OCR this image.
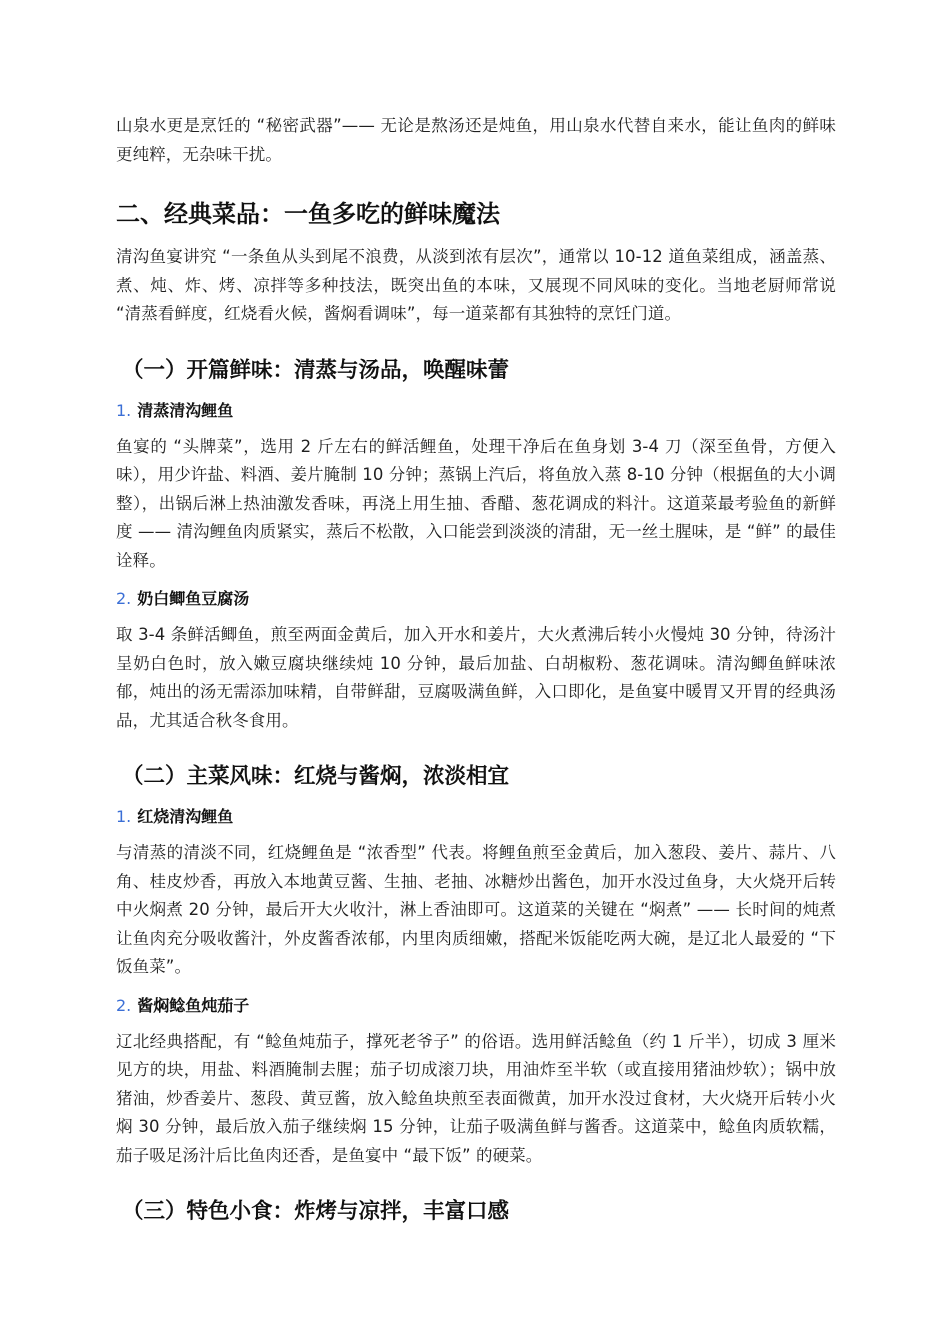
山泉水更是烹饪的 “秘密武器”—— 无论是熬汤还是炖鱼，用山泉水代替自来水，能让鱼肉的鲜味更纯粹，无杂味干扰。

二、经典菜品：一鱼多吃的鲜味魔法

清沟鱼宴讲究 “一条鱼从头到尾不浪费，从淡到浓有层次”，通常以 10-12 道鱼菜组成，涵盖蒸、煮、炖、炸、烤、凉拌等多种技法，既突出鱼的本味，又展现不同风味的变化。当地老厨师常说 “清蒸看鲜度，红烧看火候，酱焖看调味”，每一道菜都有其独特的烹饪门道。

（一）开篇鲜味：清蒸与汤品，唤醒味蕾
1. 清蒸清沟鲤鱼

鱼宴的 “头牌菜”，选用 2 斤左右的鲜活鲤鱼，处理干净后在鱼身划 3-4 刀（深至鱼骨，方便入味），用少许盐、料酒、姜片腌制 10 分钟；蒸锅上汽后，将鱼放入蒸 8-10 分钟（根据鱼的大小调整），出锅后淋上热油激发香味，再浇上用生抽、香醋、葱花调成的料汁。这道菜最考验鱼的新鲜度 —— 清沟鲤鱼肉质紧实，蒸后不松散，入口能尝到淡淡的清甜，无一丝土腥味，是 “鲜” 的最佳诠释。

2. 奶白鲫鱼豆腐汤

取 3-4 条鲜活鲫鱼，煎至两面金黄后，加入开水和姜片，大火煮沸后转小火慢炖 30 分钟，待汤汁呈奶白色时，放入嫩豆腐块继续炖 10 分钟，最后加盐、白胡椒粉、葱花调味。清沟鲫鱼鲜味浓郁，炖出的汤无需添加味精，自带鲜甜，豆腐吸满鱼鲜，入口即化，是鱼宴中暖胃又开胃的经典汤品，尤其适合秋冬食用。

（二）主菜风味：红烧与酱焖，浓淡相宜
1. 红烧清沟鲤鱼

与清蒸的清淡不同，红烧鲤鱼是 “浓香型” 代表。将鲤鱼煎至金黄后，加入葱段、姜片、蒜片、八角、桂皮炒香，再放入本地黄豆酱、生抽、老抽、冰糖炒出酱色，加开水没过鱼身，大火烧开后转中火焖煮 20 分钟，最后开大火收汁，淋上香油即可。这道菜的关键在 “焖煮” —— 长时间的炖煮让鱼肉充分吸收酱汁，外皮酱香浓郁，内里肉质细嫩，搭配米饭能吃两大碗，是辽北人最爱的 “下饭鱼菜”。

2. 酱焖鲶鱼炖茄子

辽北经典搭配，有 “鲶鱼炖茄子，撑死老爷子” 的俗语。选用鲜活鲶鱼（约 1 斤半），切成 3 厘米见方的块，用盐、料酒腌制去腥；茄子切成滚刀块，用油炸至半软（或直接用猪油炒软）；锅中放猪油，炒香姜片、葱段、黄豆酱，放入鲶鱼块煎至表面微黄，加开水没过食材，大火烧开后转小火焖 30 分钟，最后放入茄子继续焖 15 分钟，让茄子吸满鱼鲜与酱香。这道菜中，鲶鱼肉质软糯，茄子吸足汤汁后比鱼肉还香，是鱼宴中 “最下饭” 的硬菜。

（三）特色小食：炸烤与凉拌，丰富口感
